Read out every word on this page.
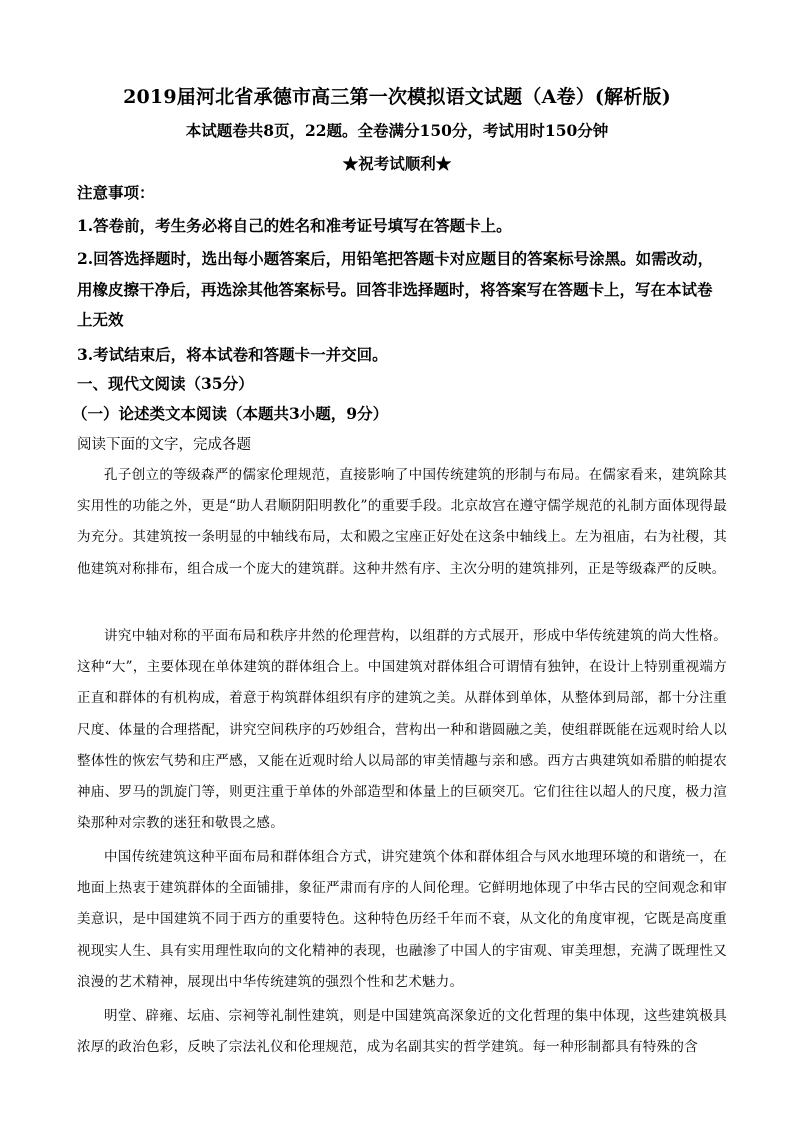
2019届河北省承德市高三第一次模拟语文试题（A卷）(解析版)
本试题卷共8页，22题。全卷满分150分，考试用时150分钟
★祝考试顺利★
注意事项：
1.答卷前，考生务必将自己的姓名和准考证号填写在答题卡上。
2.回答选择题时，选出每小题答案后，用铅笔把答题卡对应题目的答案标号涂黑。如需改动，用橡皮擦干净后，再选涂其他答案标号。回答非选择题时，将答案写在答题卡上，写在本试卷上无效
3.考试结束后，将本试卷和答题卡一并交回。
一、现代文阅读（35分）
（一）论述类文本阅读（本题共3小题，9分）
阅读下面的文字，完成各题
孔子创立的等级森严的儒家伦理规范，直接影响了中国传统建筑的形制与布局。在儒家看来，建筑除其实用性的功能之外，更是“助人君顺阴阳明教化”的重要手段。北京故宫在遵守儒学规范的礼制方面体现得最为充分。其建筑按一条明显的中轴线布局，太和殿之宝座正好处在这条中轴线上。左为祖庙，右为社稷，其他建筑对称排布，组合成一个庞大的建筑群。这种井然有序、主次分明的建筑排列，正是等级森严的反映。
讲究中轴对称的平面布局和秩序井然的伦理营构，以组群的方式展开，形成中华传统建筑的尚大性格。这种“大”，主要体现在单体建筑的群体组合上。中国建筑对群体组合可谓情有独钟，在设计上特别重视端方正直和群体的有机构成，着意于构筑群体组织有序的建筑之美。从群体到单体，从整体到局部，都十分注重尺度、体量的合理搭配，讲究空间秩序的巧妙组合，营构出一种和谐圆融之美，使组群既能在远观时给人以整体性的恢宏气势和庄严感，又能在近观时给人以局部的审美情趣与亲和感。西方古典建筑如希腊的帕提农神庙、罗马的凯旋门等，则更注重于单体的外部造型和体量上的巨硕突兀。它们往往以超人的尺度，极力渲染那种对宗教的迷狂和敬畏之感。
中国传统建筑这种平面布局和群体组合方式，讲究建筑个体和群体组合与风水地理环境的和谐统一，在地面上热衷于建筑群体的全面铺排，象征严肃而有序的人间伦理。它鲜明地体现了中华古民的空间观念和审美意识，是中国建筑不同于西方的重要特色。这种特色历经千年而不衰，从文化的角度审视，它既是高度重视现实人生、具有实用理性取向的文化精神的表现，也融渗了中国人的宇宙观、审美理想，充满了既理性又浪漫的艺术精神，展现出中华传统建筑的强烈个性和艺术魅力。
明堂、辟雍、坛庙、宗祠等礼制性建筑，则是中国建筑高深象近的文化哲理的集中体现，这些建筑极具浓厚的政治色彩，反映了宗法礼仪和伦理规范，成为名副其实的哲学建筑。每一种形制都具有特殊的含
